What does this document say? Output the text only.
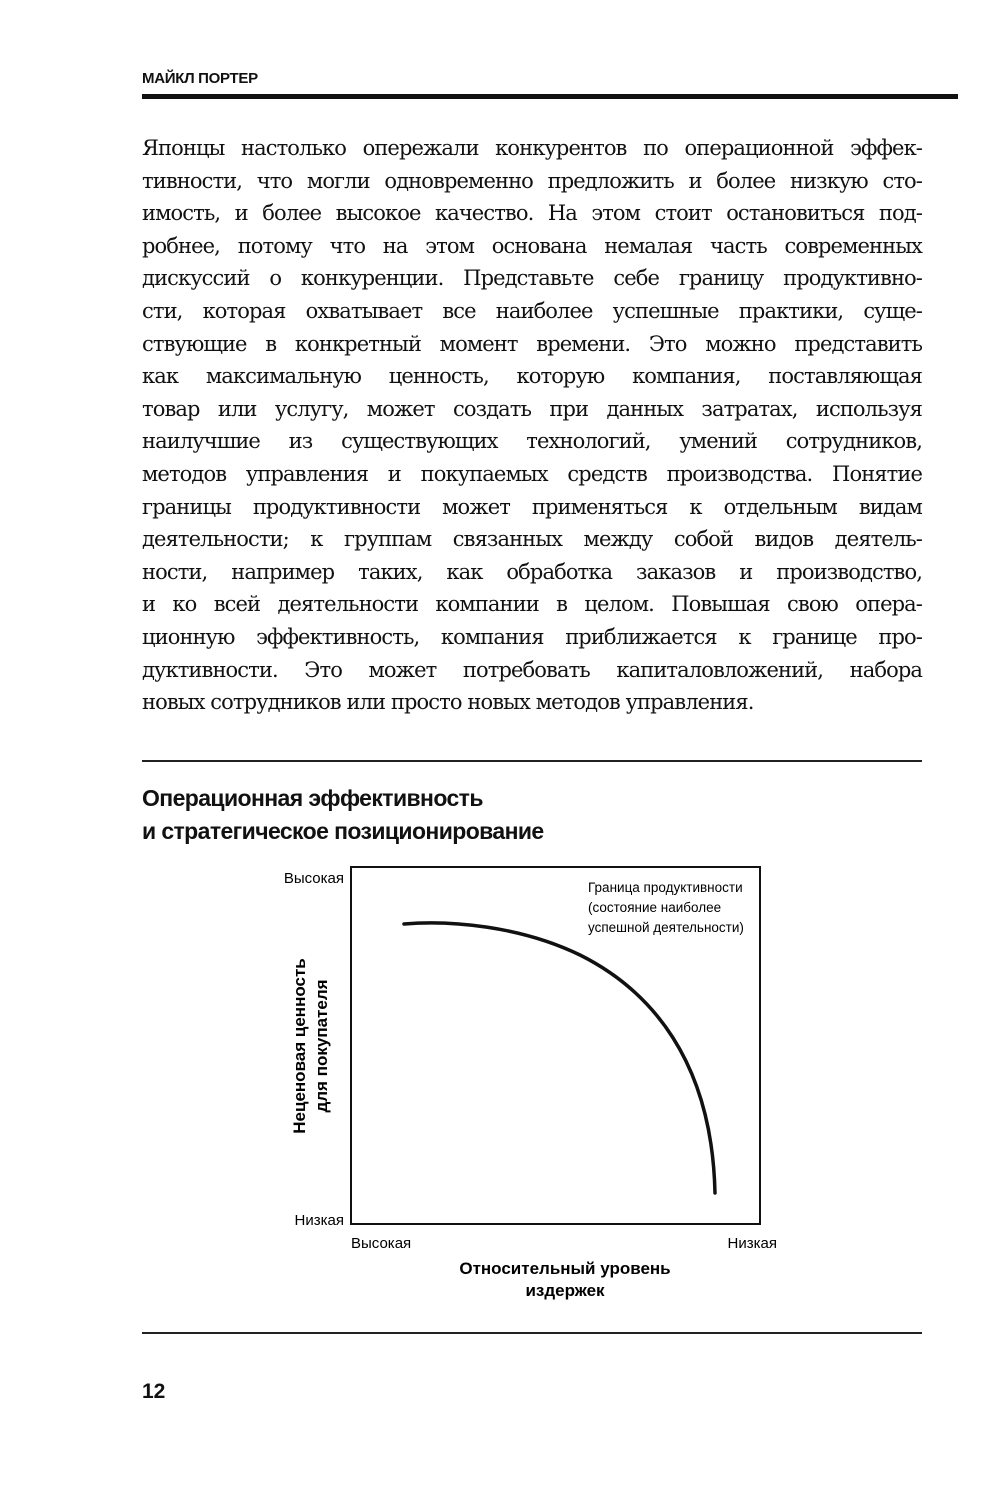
МАЙКЛ ПОРТЕР
Японцы настолько опережали конкурентов по операционной эффек-
тивности, что могли одновременно предложить и более низкую сто-
имость, и более высокое качество. На этом стоит остановиться под-
робнее, потому что на этом основана немалая часть современных
дискуссий о конкуренции. Представьте себе границу продуктивно-
сти, которая охватывает все наиболее успешные практики, суще-
ствующие в конкретный момент времени. Это можно представить
как максимальную ценность, которую компания, поставляющая
товар или услугу, может создать при данных затратах, используя
наилучшие из существующих технологий, умений сотрудников,
методов управления и покупаемых средств производства. Понятие
границы продуктивности может применяться к отдельным видам
деятельности; к группам связанных между собой видов деятель-
ности, например таких, как обработка заказов и производство,
и ко всей деятельности компании в целом. Повышая свою опера-
ционную эффективность, компания приближается к границе про-
дуктивности. Это может потребовать капиталовложений, набора
новых сотрудников или просто новых методов управления.
Операционная эффективность
и стратегическое позиционирование
Высокая
Низкая
Высокая	Низкая
Относительный уровень
издержек
Неценовая ценность для покупателя
Граница продуктивности
(состояние наиболее
успешной деятельности)
12
